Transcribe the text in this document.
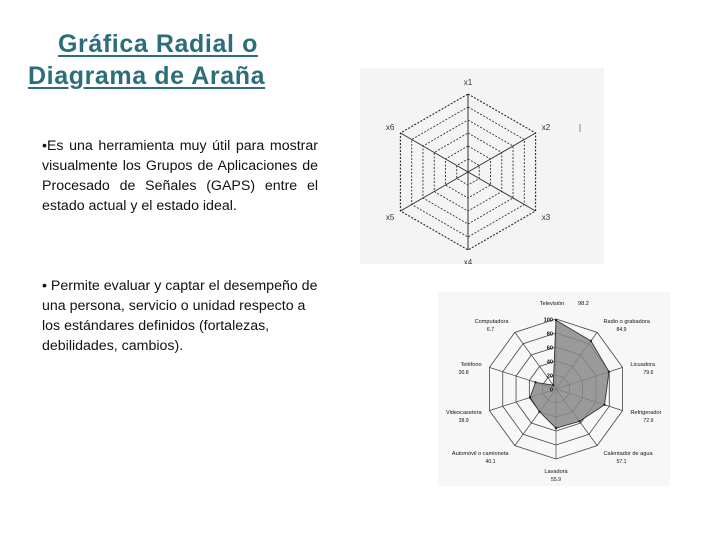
Gráfica Radial o
Diagrama de Araña
•Es una herramienta muy útil para mostrar visualmente los Grupos de Aplicaciones de Procesado de Señales (GAPS) entre el estado actual y el estado ideal.
• Permite evaluar y captar el desempeño de una persona, servicio o unidad respecto a los estándares definidos (fortalezas, debilidades, cambios).
x1
x2
x3
x4
x5
x6
100
80
60
40
20
0
Televisión 98.2
Radio o grabadora
84.9
Licuadora
79.6
Refrigerador
72.9
Calentador de agua
57.1
Lavadora
55.9
Automóvil o camioneta
40.1
Videocasetera
38.9
Teléfono
30.8
Computadora
6.7
